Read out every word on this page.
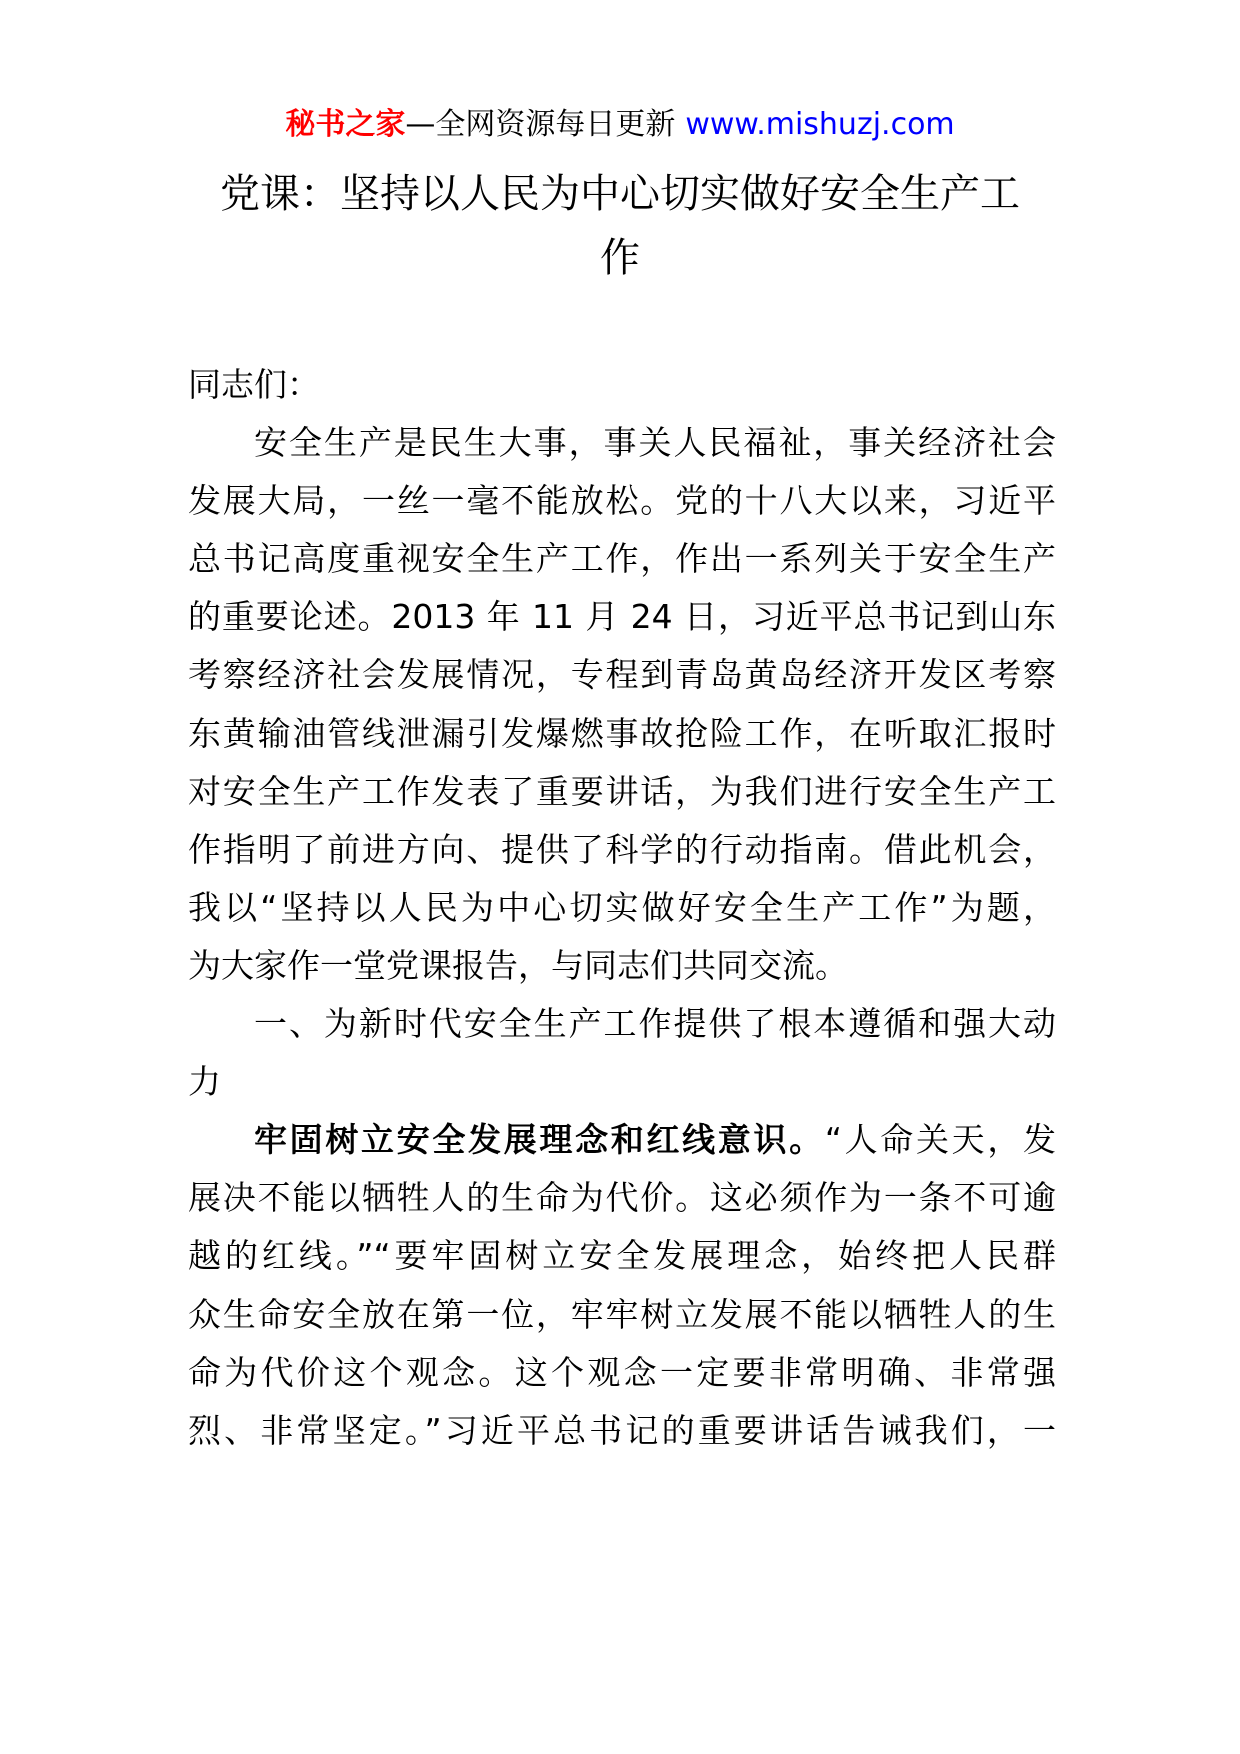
秘书之家—全网资源每日更新 www.mishuzj.com
党课：坚持以人民为中心切实做好安全生产工
作
同志们：
安全生产是民生大事，事关人民福祉，事关经济社会
发展大局，一丝一毫不能放松。党的十八大以来，习近平
总书记高度重视安全生产工作，作出一系列关于安全生产
的重要论述。2013 年 11 月 24 日，习近平总书记到山东
考察经济社会发展情况，专程到青岛黄岛经济开发区考察
东黄输油管线泄漏引发爆燃事故抢险工作，在听取汇报时
对安全生产工作发表了重要讲话，为我们进行安全生产工
作指明了前进方向、提供了科学的行动指南。借此机会，
我以“坚持以人民为中心切实做好安全生产工作”为题，
为大家作一堂党课报告，与同志们共同交流。
一、为新时代安全生产工作提供了根本遵循和强大动
力
牢固树立安全发展理念和红线意识。“人命关天，发
展决不能以牺牲人的生命为代价。这必须作为一条不可逾
越的红线。”“要牢固树立安全发展理念，始终把人民群
众生命安全放在第一位，牢牢树立发展不能以牺牲人的生
命为代价这个观念。这个观念一定要非常明确、非常强
烈、非常坚定。”习近平总书记的重要讲话告诫我们，一
